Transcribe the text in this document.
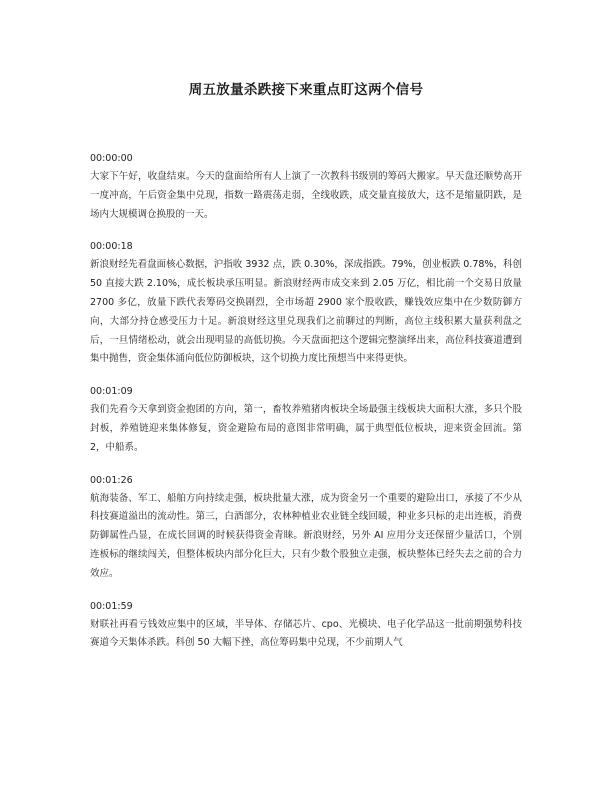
周五放量杀跌接下来重点盯这两个信号

00:00:00

大家下午好，收盘结束。今天的盘面给所有人上演了一次教科书级别的筹码大搬家。早天盘还顺势高开一度冲高，午后资金集中兑现，指数一路震荡走弱，全线收跌，成交量直接放大，这不是缩量阴跌，是场内大规模调仓换股的一天。

00:00:18

新浪财经先看盘面核心数据，沪指收 3932 点，跌 0.30%，深成指跌。79%，创业板跌 0.78%，科创 50 直接大跌 2.10%，成长板块承压明显。新浪财经两市成交来到 2.05 万亿，相比前一个交易日放量 2700 多亿，放量下跌代表筹码交换剧烈，全市场超 2900 家个股收跌，赚钱效应集中在少数防御方向，大部分持仓感受压力十足。新浪财经这里兑现我们之前聊过的判断，高位主线积累大量获利盘之后，一旦情绪松动，就会出现明显的高低切换。今天盘面把这个逻辑完整演绎出来，高位科技赛道遭到集中抛售，资金集体涌向低位防御板块，这个切换力度比预想当中来得更快。

00:01:09

我们先看今天拿到资金抱团的方向，第一，畜牧养殖猪肉板块全场最强主线板块大面积大涨，多只个股封板，养殖链迎来集体修复，资金避险布局的意图非常明确，属于典型低位板块，迎来资金回流。第 2，中船系。

00:01:26

航海装备、军工、船舶方向持续走强，板块批量大涨，成为资金另一个重要的避险出口，承接了不少从科技赛道溢出的流动性。第三，白酒部分，农林种植业农业链全线回暖，种业多只标的走出连板，消费防御属性凸显，在成长回调的时候获得资金青睐。新浪财经，另外 AI 应用分支还保留少量活口，个别连板标的继续闯关，但整体板块内部分化巨大，只有少数个股独立走强，板块整体已经失去之前的合力效应。

00:01:59

财联社再看亏钱效应集中的区域，半导体、存储芯片、cpo、光模块、电子化学品这一批前期强势科技赛道今天集体杀跌。科创 50 大幅下挫，高位筹码集中兑现，不少前期人气
